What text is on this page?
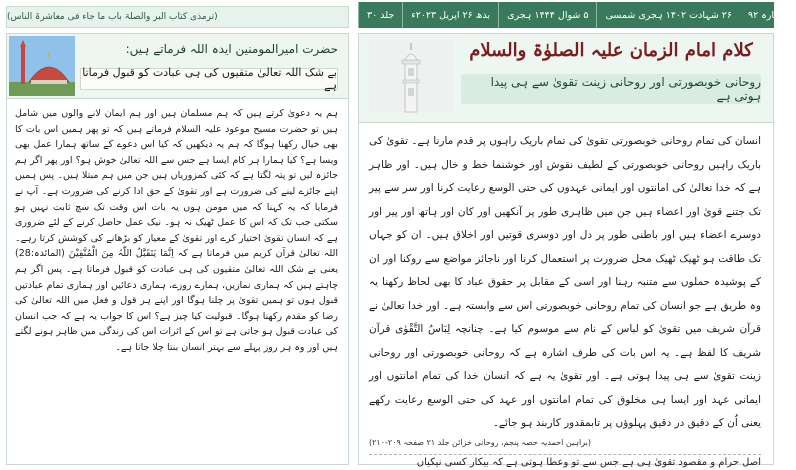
جلد ۳۰	بدھ ۲۶ اپریل ۲۰۲۳ء	۵ شوال ۱۴۴۴ ہجری	۲۶ شہادت ۱۴۰۲ ہجری شمسی	شمارہ ۹۲
(ترمذی کتاب البر والصلۃ باب ما جاء فی معاشرۃ الناس)
کلام امام الزمان علیہ الصلوٰۃ والسلام
روحانی خوبصورتی اور روحانی زینت تقویٰ سے ہی پیدا ہوتی ہے
انسان کی تمام روحانی خوبصورتی تقویٰ کی تمام باریک راہوں پر قدم مارنا ہے۔ تقویٰ کی باریک راہیں روحانی خوبصورتی کے لطیف نقوش اور خوشنما خط و خال ہیں۔ اور ظاہر ہے کہ خدا تعالیٰ کی امانتوں اور ایمانی عہدوں کی حتی الوسع رعایت کرنا اور سر سے پیر تک جتنے قویٰ اور اعضاء ہیں جن میں ظاہری طور پر آنکھیں اور کان اور ہاتھ اور پیر اور دوسرے اعضاء ہیں اور باطنی طور پر دل اور دوسری قوتیں اور اخلاق ہیں۔ ان کو جہاں تک طاقت ہو ٹھیک ٹھیک محل ضرورت پر استعمال کرنا اور ناجائز مواضع سے روکنا اور ان کے پوشیدہ حملوں سے متنبہ رہنا اور اسی کے مقابل پر حقوق عباد کا بھی لحاظ رکھنا یہ وہ طریق ہے جو انسان کی تمام روحانی خوبصورتی اس سے وابستہ ہے۔ اور خدا تعالیٰ نے قرآن شریف میں تقویٰ کو لباس کے نام سے موسوم کیا ہے۔ چنانچہ لِبَاسُ التَّقْوٰی قرآن شریف کا لفظ ہے۔ یہ اس بات کی طرف اشارہ ہے کہ روحانی خوبصورتی اور روحانی زینت تقویٰ سے ہی پیدا ہوتی ہے۔ اور تقویٰ یہ ہے کہ انسان خدا کی تمام امانتوں اور ایمانی عہد اور ایسا ہی مخلوق کی تمام امانتوں اور عہد کی حتی الوسع رعایت رکھے یعنی اُن کے دقیق در دقیق پہلوؤں پر تابمقدور کاربند ہو جائے۔
(براہین احمدیہ حصہ پنجم، روحانی خزائن جلد ۲۱ صفحہ ۲۰۹-۲۱۰)
اصل حرام و مقصود تقویٰ ہی ہے جس سے تو وعطا ہوتی ہے کہ بیکار کسی نیکیاں
حضرت امیرالمومنین ایدہ اللہ فرماتے ہیں:
بے شک اللہ تعالیٰ متقیوں کی ہی عبادت کو قبول فرماتا ہے
ہم یہ دعویٰ کرتے ہیں کہ ہم مسلمان ہیں اور ہم ایمان لانے والوں میں شامل ہیں تو حضرت مسیح موعود علیہ السلام فرماتے ہیں کہ تو پھر ہمیں اس بات کا بھی خیال رکھنا ہوگا کہ ہم یہ دیکھیں کہ کیا اس دعوے کے ساتھ ہمارا عمل بھی ویسا ہے؟ کیا ہمارا ہر کام ایسا ہے جس سے اللہ تعالیٰ خوش ہو؟ اور پھر اگر ہم جائزہ لیں تو پتہ لگتا ہے کہ کئی کمزوریاں ہیں جن میں ہم مبتلا ہیں۔ پس ہمیں اپنے جائزے لینے کی ضرورت ہے اور تقویٰ کے حق ادا کرنے کی ضرورت ہے۔ آپ نے فرمایا کہ یہ کہنا کہ میں مومن ہوں یہ بات اس وقت تک سچ ثابت نہیں ہو سکتی جب تک کہ اس کا عمل ٹھیک نہ ہو۔ نیک عمل حاصل کرنے کے لئے ضروری ہے کہ انسان تقویٰ اختیار کرے اور تقویٰ کے معیار کو بڑھانے کی کوشش کرتا رہے۔ اللہ تعالیٰ قرآن کریم میں فرماتا ہے کہ اِنَّمَا یَتَقَبَّلُ اللّٰہُ مِنَ الْمُتَّقِیْنَ (المائدہ:28) یعنی بے شک اللہ تعالیٰ متقیوں کی ہی عبادت کو قبول فرماتا ہے۔ پس اگر ہم چاہتے ہیں کہ ہماری نمازیں، ہمارے روزے، ہماری دعائیں اور ہماری تمام عبادتیں قبول ہوں تو ہمیں تقویٰ پر چلنا ہوگا اور اپنے ہر قول و فعل میں اللہ تعالیٰ کی رضا کو مقدم رکھنا ہوگا۔ قبولیت کیا چیز ہے؟ اس کا جواب یہ ہے کہ جب انسان کی عبادت قبول ہو جاتی ہے تو اس کے اثرات اس کی زندگی میں ظاہر ہونے لگتے ہیں اور وہ ہر روز پہلے سے بہتر انسان بنتا چلا جاتا ہے۔
